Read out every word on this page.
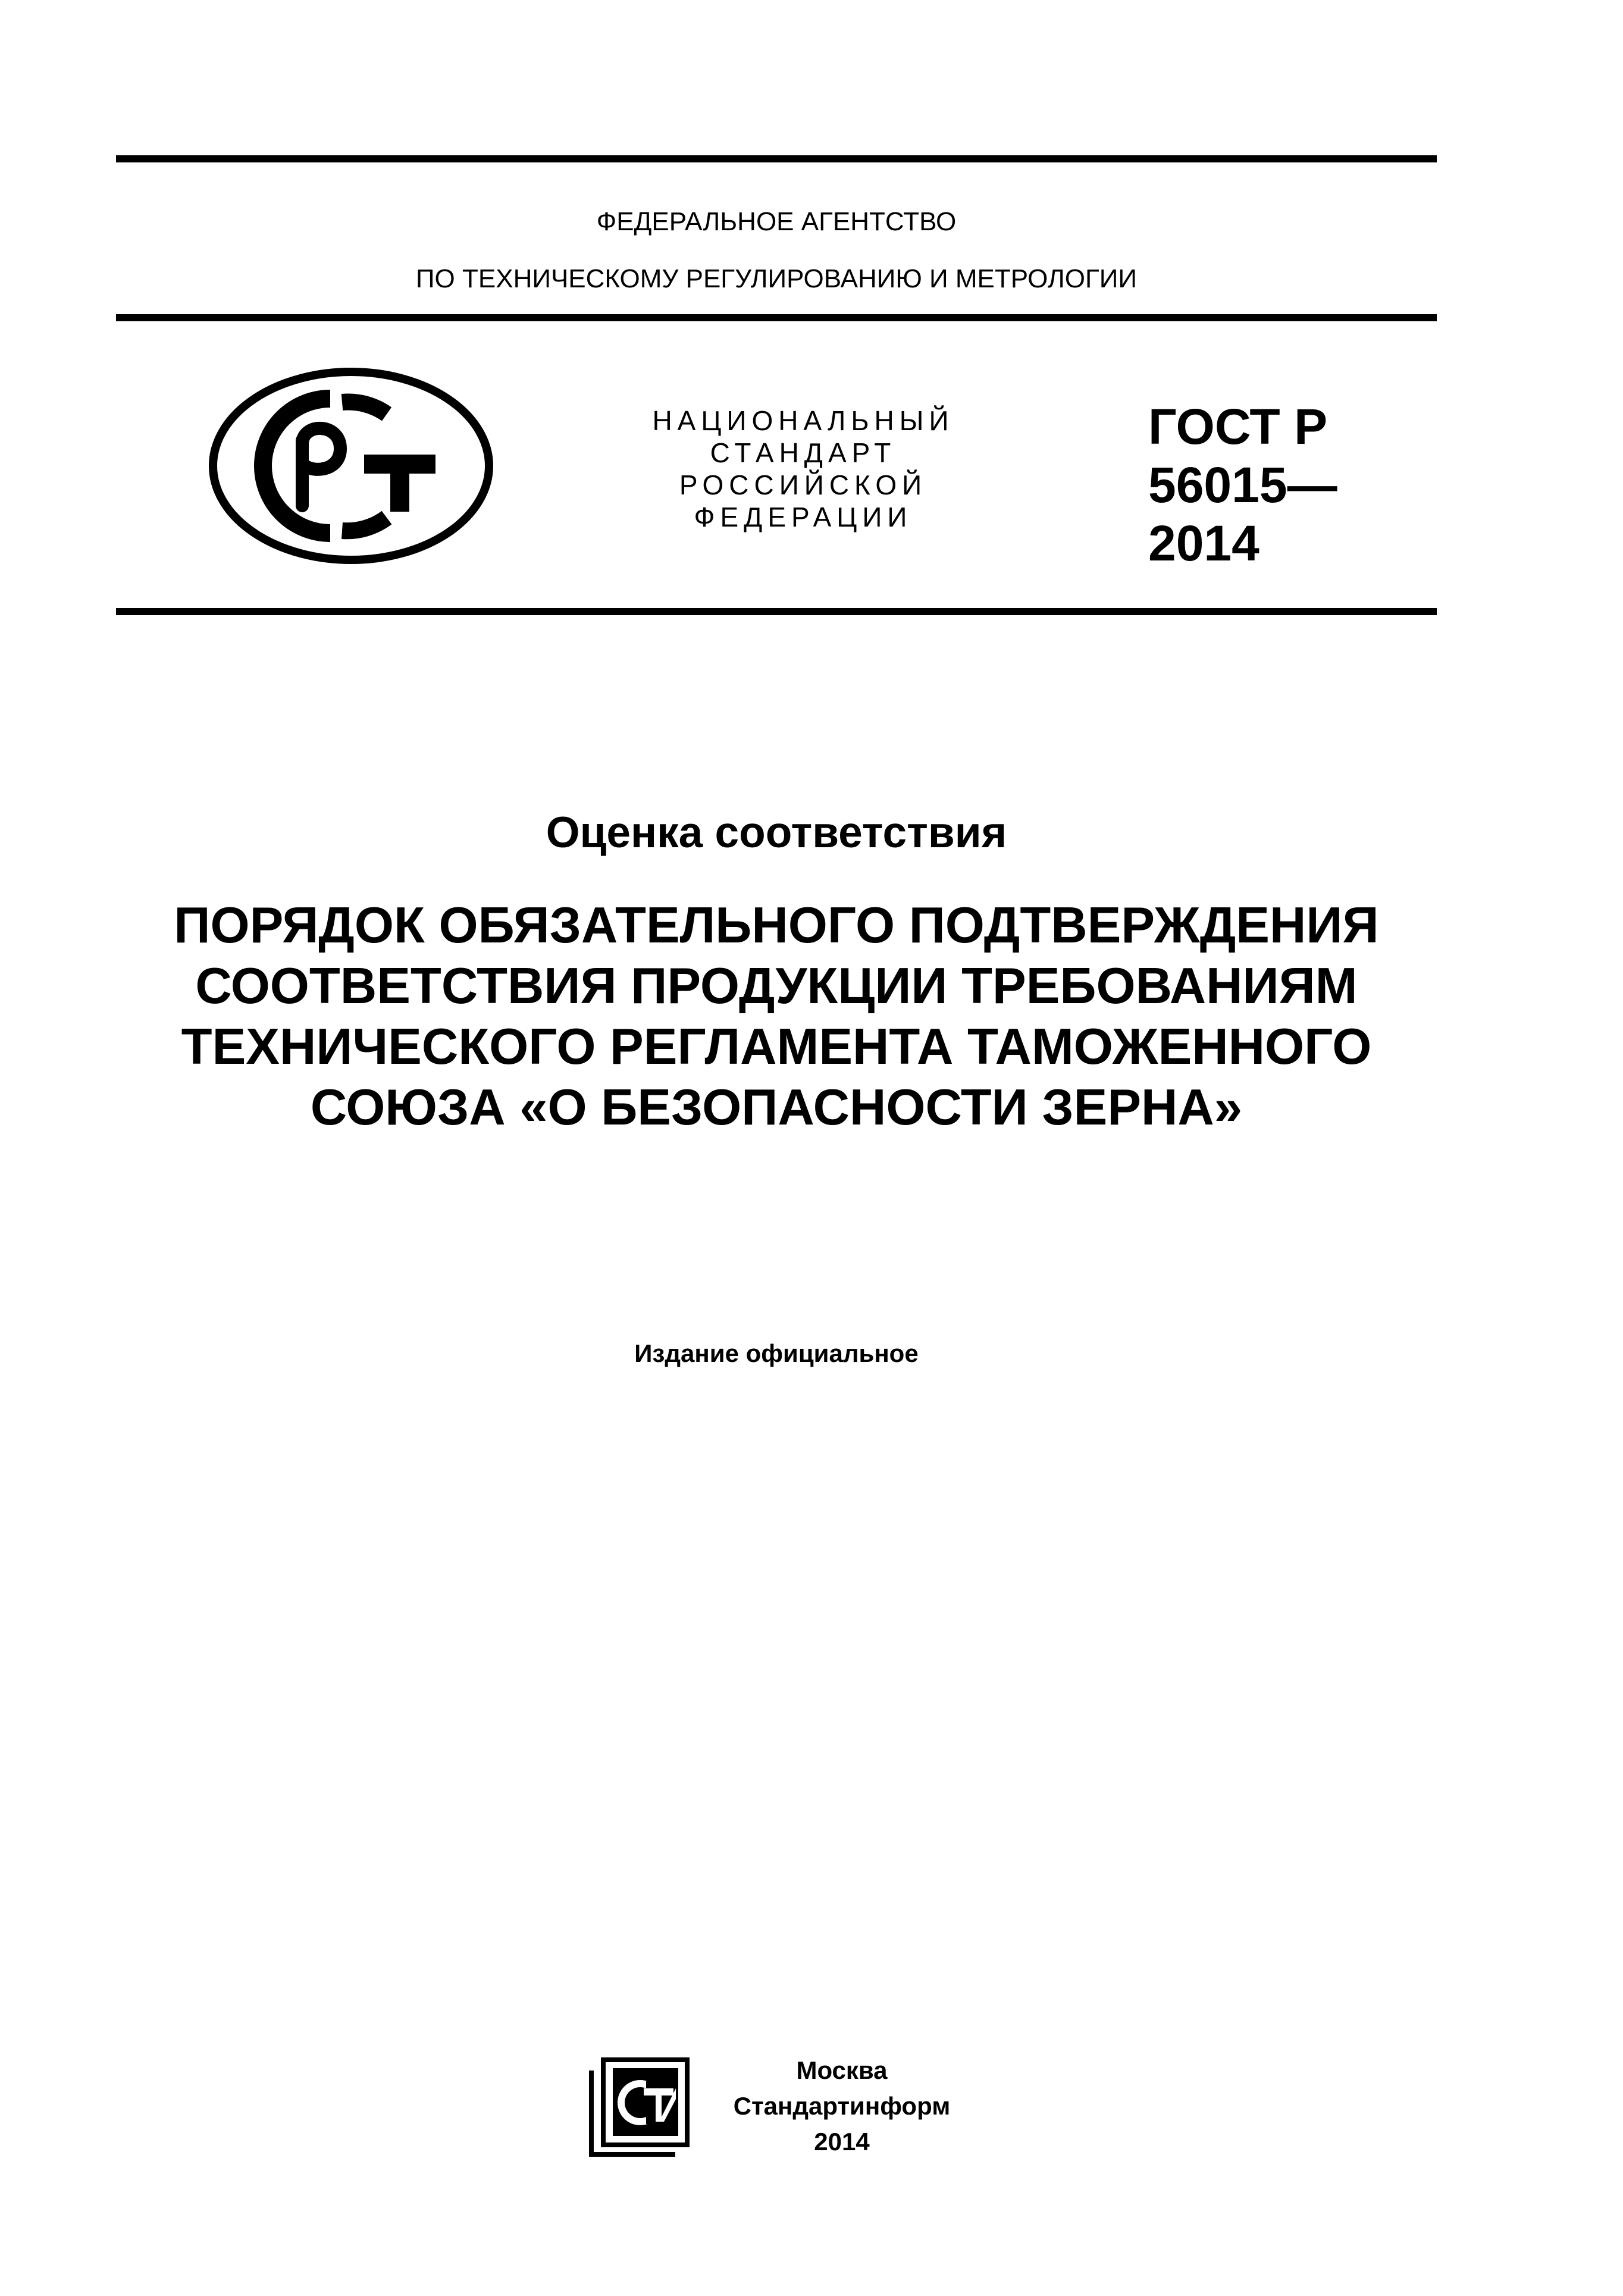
ФЕДЕРАЛЬНОЕ АГЕНТСТВО
ПО ТЕХНИЧЕСКОМУ РЕГУЛИРОВАНИЮ И МЕТРОЛОГИИ
НАЦИОНАЛЬНЫЙ
СТАНДАРТ
РОССИЙСКОЙ
ФЕДЕРАЦИИ
ГОСТ Р
56015—
2014
Оценка соответствия
ПОРЯДОК ОБЯЗАТЕЛЬНОГО ПОДТВЕРЖДЕНИЯ
СООТВЕТСТВИЯ ПРОДУКЦИИ ТРЕБОВАНИЯМ
ТЕХНИЧЕСКОГО РЕГЛАМЕНТА ТАМОЖЕННОГО
СОЮЗА «О БЕЗОПАСНОСТИ ЗЕРНА»
Издание официальное
Москва
Стандартинформ
2014
